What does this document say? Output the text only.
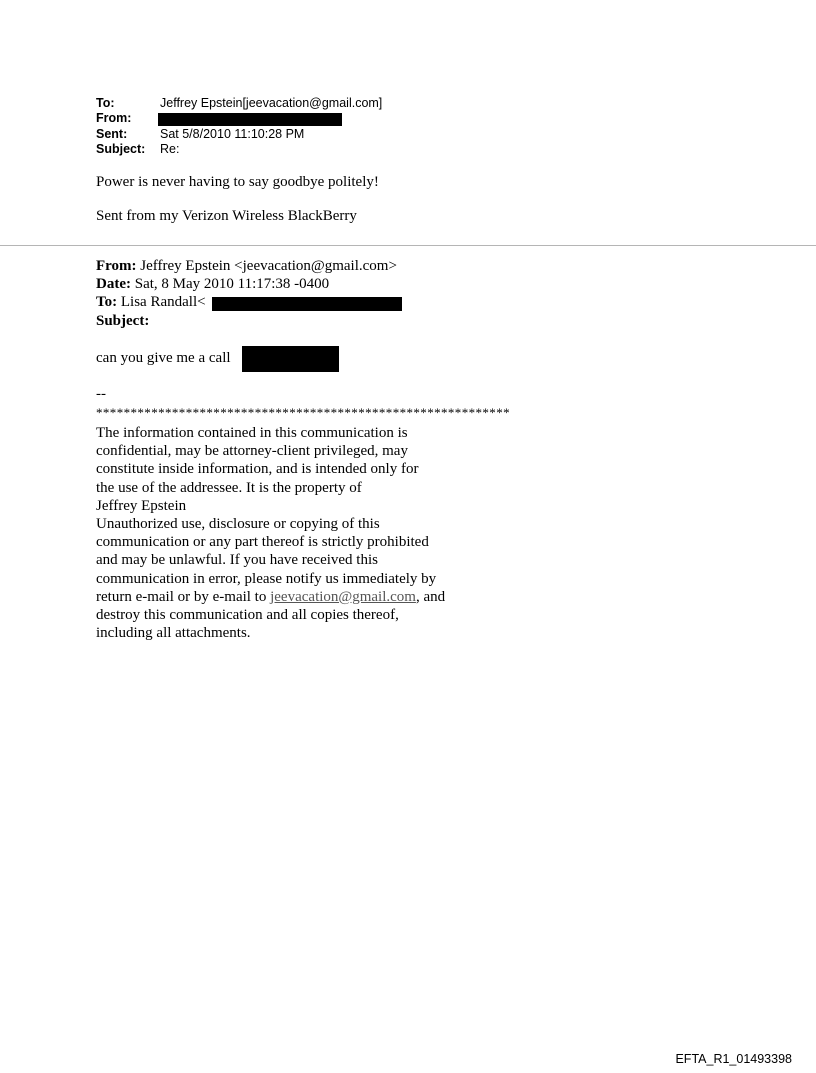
To:	Jeffrey Epstein[jeevacation@gmail.com]
From:
Sent:	Sat 5/8/2010 11:10:28 PM
Subject: Re:
Power is never having to say goodbye politely!
Sent from my Verizon Wireless BlackBerry
From: Jeffrey Epstein <jeevacation@gmail.com>
Date: Sat, 8 May 2010 11:17:38 -0400
To: Lisa Randall<
Subject:
can you give me a call
--
************************************************************
The information contained in this communication is
confidential, may be attorney-client privileged, may
constitute inside information, and is intended only for
the use of the addressee. It is the property of
Jeffrey Epstein
Unauthorized use, disclosure or copying of this
communication or any part thereof is strictly prohibited
and may be unlawful. If you have received this
communication in error, please notify us immediately by
return e-mail or by e-mail to jeevacation@gmail.com, and
destroy this communication and all copies thereof,
including all attachments.
EFTA_R1_01493398
